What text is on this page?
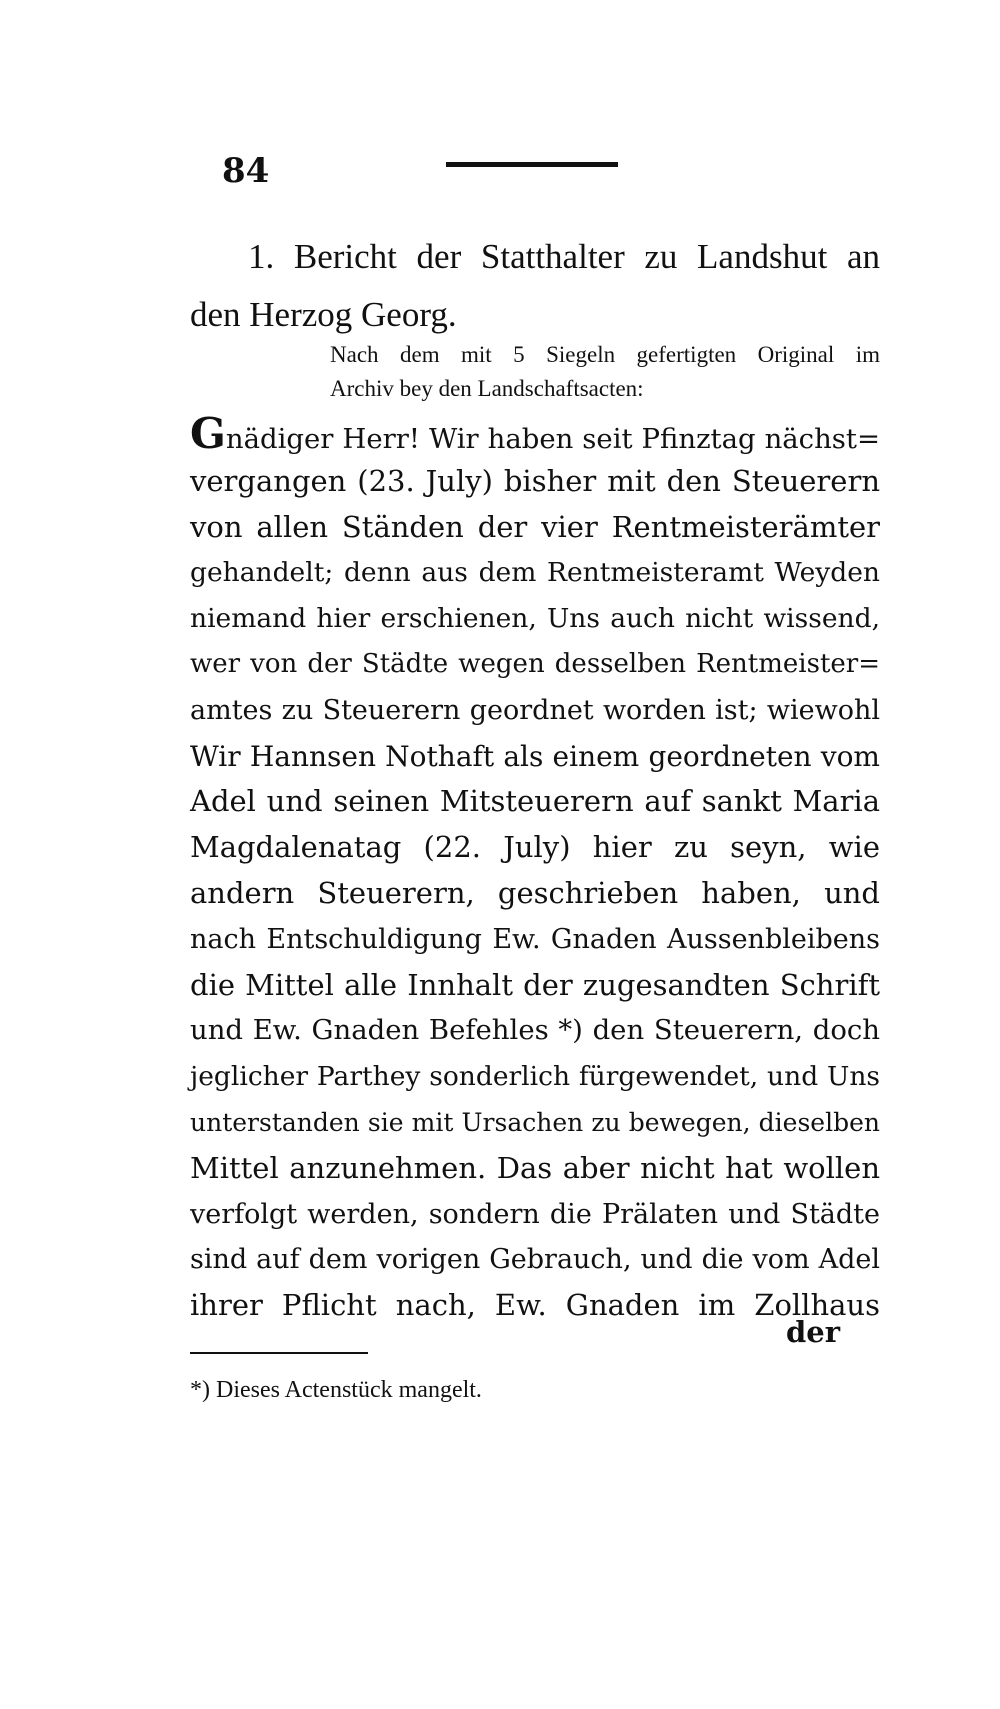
84
1. Bericht der Statthalter zu Landshut an
den Herzog Georg.

Nach dem mit 5 Siegeln gefertigten Original im
Archiv bey den Landschaftsacten:

Gnädiger Herr! Wir haben seit Pfinztag nächst=
vergangen (23. July) bisher mit den Steuerern
von allen Ständen der vier Rentmeisterämter
gehandelt; denn aus dem Rentmeisteramt Weyden
niemand hier erschienen, Uns auch nicht wissend,
wer von der Städte wegen desselben Rentmeister=
amtes zu Steuerern geordnet worden ist; wiewohl
Wir Hannsen Nothaft als einem geordneten vom
Adel und seinen Mitsteuerern auf sankt Maria
Magdalenatag (22. July) hier zu seyn, wie
andern Steuerern, geschrieben haben, und
nach Entschuldigung Ew. Gnaden Aussenbleibens
die Mittel alle Innhalt der zugesandten Schrift
und Ew. Gnaden Befehles *) den Steuerern, doch
jeglicher Parthey sonderlich fürgewendet, und Uns
unterstanden sie mit Ursachen zu bewegen, dieselben
Mittel anzunehmen. Das aber nicht hat wollen
verfolgt werden, sondern die Prälaten und Städte
sind auf dem vorigen Gebrauch, und die vom Adel
ihrer Pflicht nach, Ew. Gnaden im Zollhaus
der
*) Dieses Actenstück mangelt.
